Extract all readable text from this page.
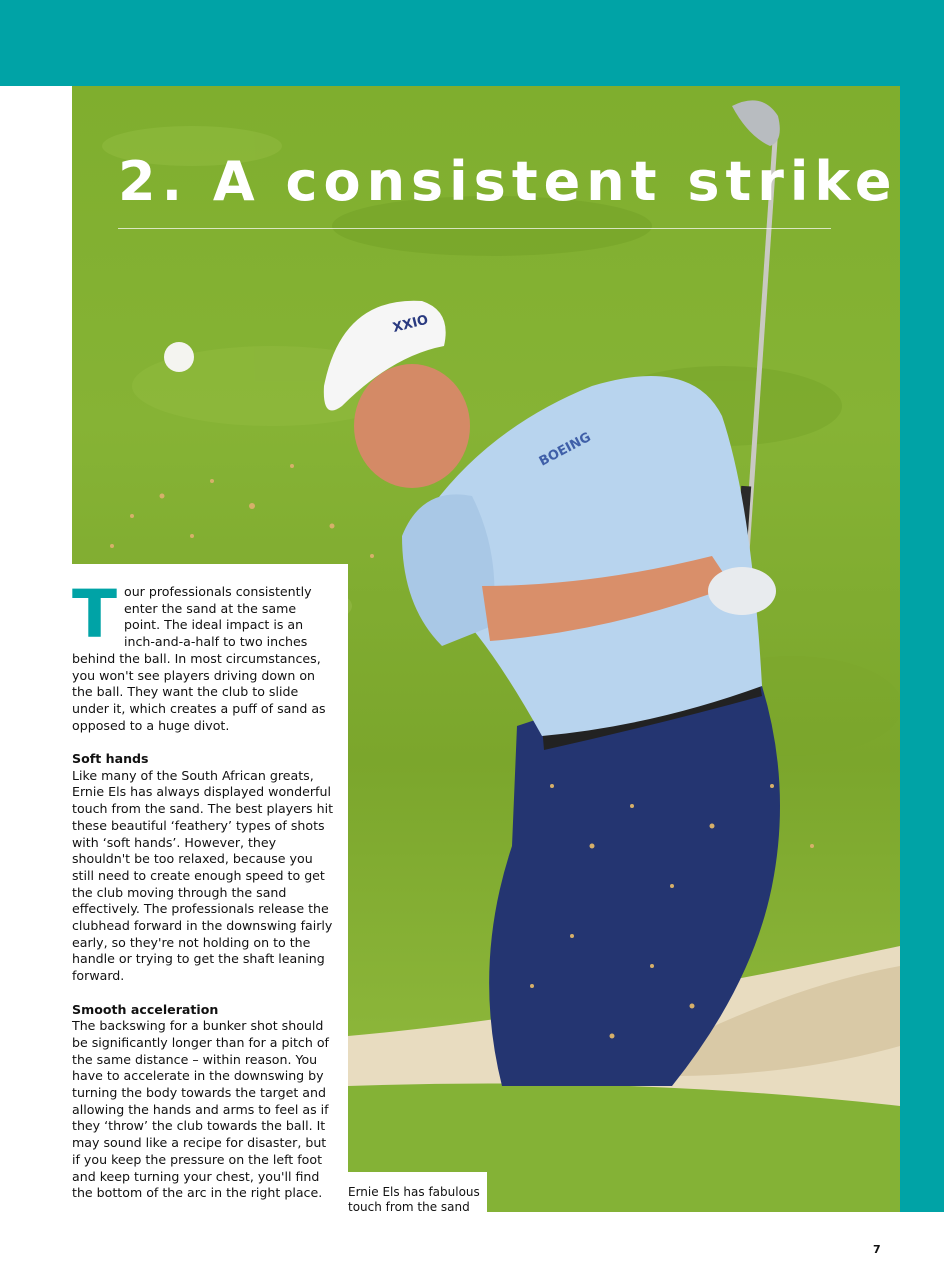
XXIO
BOEING
2. A consistent strike

Tour professionals consistently enter the sand at the same point. The ideal impact is an inch-and-a-half to two inches behind the ball. In most circumstances, you won't see players driving down on the ball. They want the club to slide under it, which creates a puff of sand as opposed to a huge divot.

Soft hands
Like many of the South African greats, Ernie Els has always displayed wonderful touch from the sand. The best players hit these beautiful ‘feathery’ types of shots with ‘soft hands’. However, they shouldn't be too relaxed, because you still need to create enough speed to get the club moving through the sand effectively. The professionals release the clubhead forward in the downswing fairly early, so they're not holding on to the handle or trying to get the shaft leaning forward.

Smooth acceleration
The backswing for a bunker shot should be significantly longer than for a pitch of the same distance – within reason. You have to accelerate in the downswing by turning the body towards the target and allowing the hands and arms to feel as if they ‘throw’ the club towards the ball. It may sound like a recipe for disaster, but if you keep the pressure on the left foot and keep turning your chest, you'll find the bottom of the arc in the right place.	Ernie Els has fabulous touch from the sand
7
